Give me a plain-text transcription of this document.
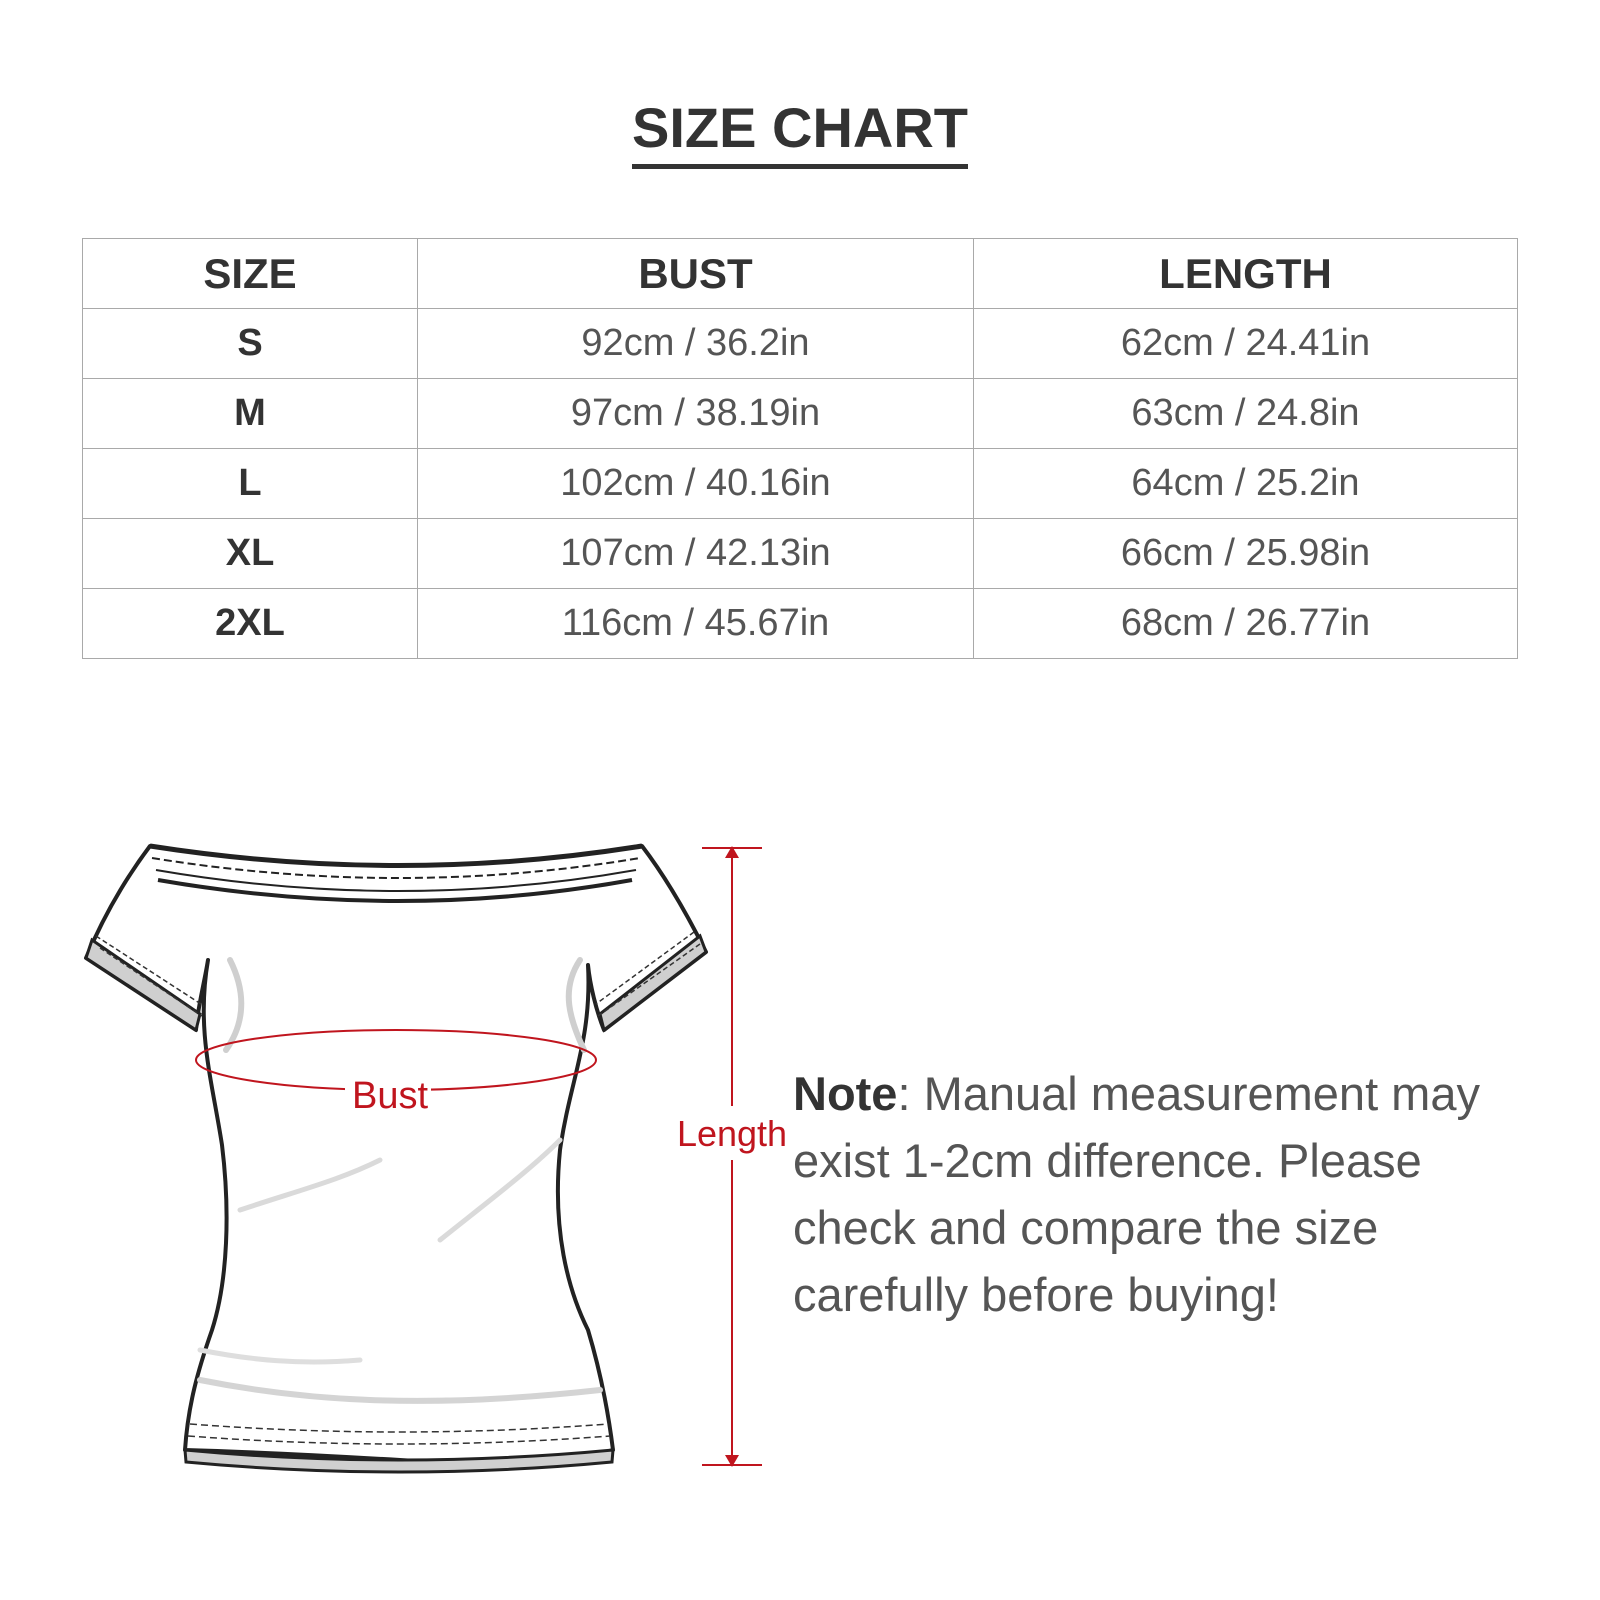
SIZE CHART
SIZE	BUST	LENGTH
S	92cm / 36.2in	62cm / 24.41in
M	97cm / 38.19in	63cm / 24.8in
L	102cm / 40.16in	64cm / 25.2in
XL	107cm / 42.13in	66cm / 25.98in
2XL	116cm / 45.67in	68cm / 26.77in
Bust
Length
Note: Manual measurement may exist 1-2cm difference. Please check and compare the size carefully before buying!
